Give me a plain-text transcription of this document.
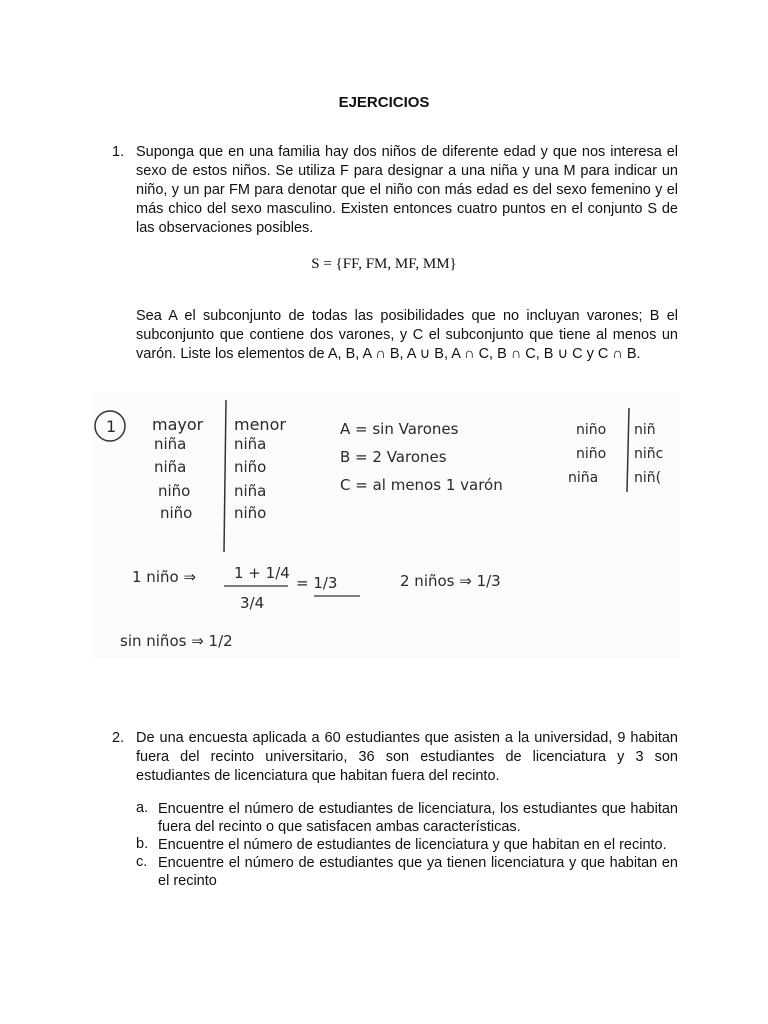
EJERCICIOS
1. Suponga que en una familia hay dos niños de diferente edad y que nos interesa el sexo de estos niños. Se utiliza F para designar a una niña y una M para indicar un niño, y un par FM para denotar que el niño con más edad es del sexo femenino y el más chico del sexo masculino. Existen entonces cuatro puntos en el conjunto S de las observaciones posibles.
S = {FF, FM, MF, MM}
Sea A el subconjunto de todas las posibilidades que no incluyan varones; B el subconjunto que contiene dos varones, y C el subconjunto que tiene al menos un varón. Liste los elementos de A, B, A ∩ B, A ∪ B, A ∩ C, B ∩ C, B ∪ C y C ∩ B.
1 mayor menor
niña	niña
niña	niño
niño	niña
niño	niño
A = sin Varones
B = 2 Varones
C = al menos 1 varón
niño niñ
niño niñc
niña	niñ(
1 niño ⇒	1 + 1/4
3/4
= 1/3	2 niños ⇒ 1/3
sin niños ⇒ 1/2
2. De una encuesta aplicada a 60 estudiantes que asisten a la universidad, 9 habitan fuera del recinto universitario, 36 son estudiantes de licenciatura y 3 son estudiantes de licenciatura que habitan fuera del recinto.
a. Encuentre el número de estudiantes de licenciatura, los estudiantes que habitan fuera del recinto o que satisfacen ambas características.
b. Encuentre el número de estudiantes de licenciatura y que habitan en el recinto.
c. Encuentre el número de estudiantes que ya tienen licenciatura y que habitan en el recinto
